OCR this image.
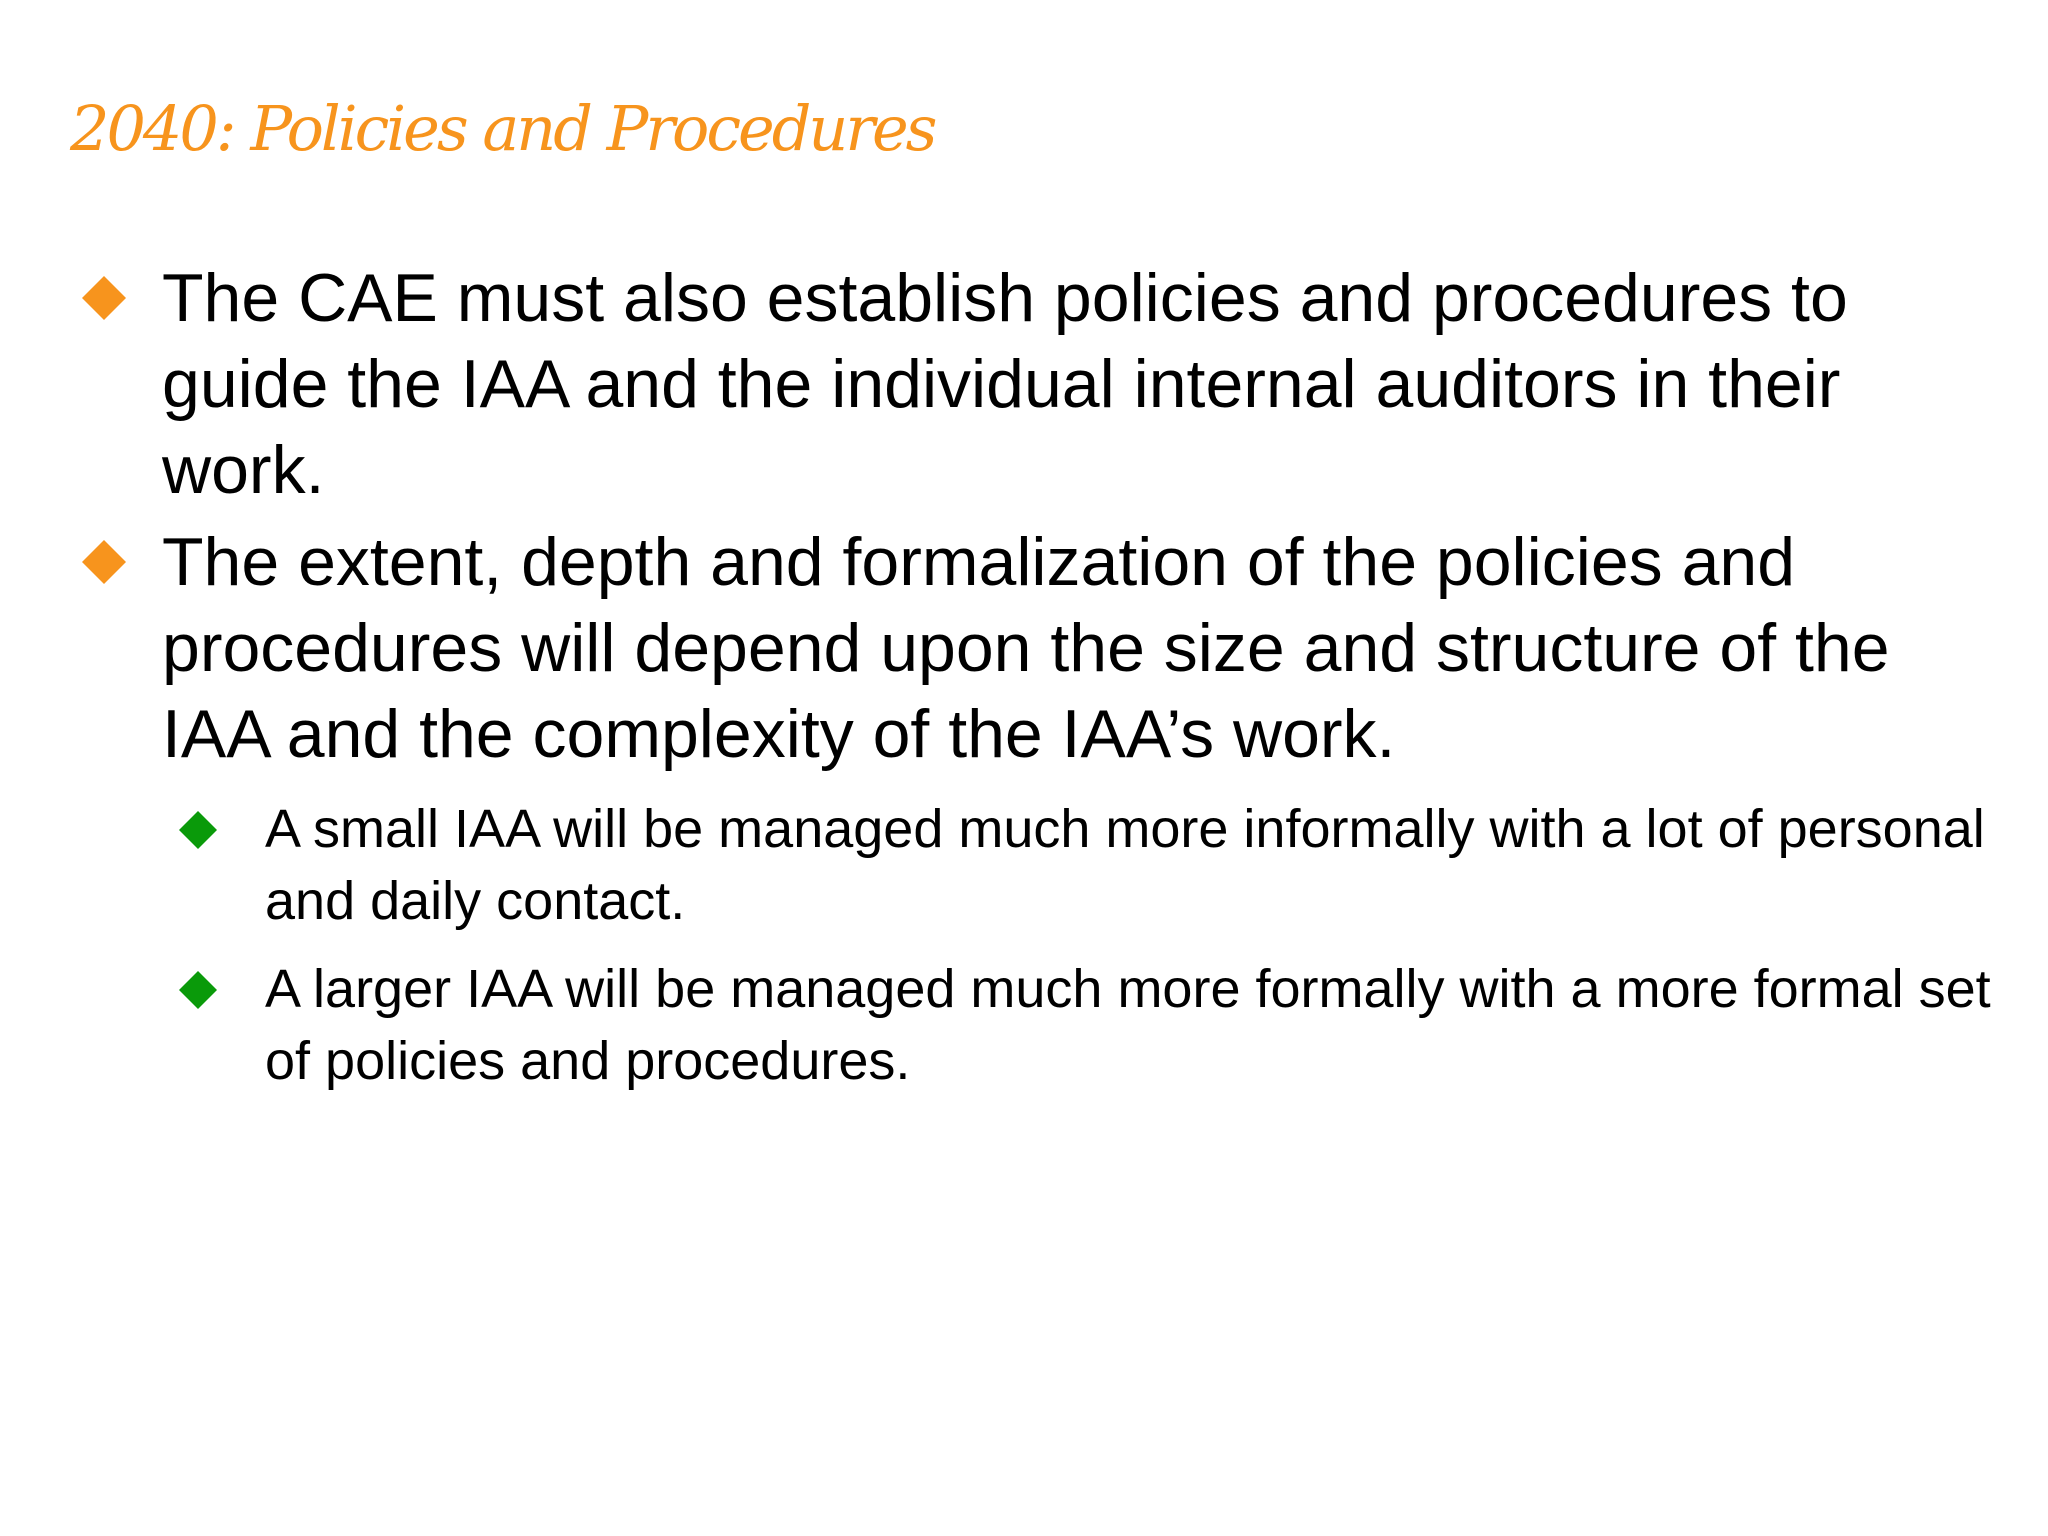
2040: Policies and Procedures
The CAE must also establish policies and procedures to guide the IAA and the individual internal auditors in their work.
The extent, depth and formalization of the policies and procedures will depend upon the size and structure of the IAA and the complexity of the IAA’s work.
A small IAA will be managed much more informally with a lot of personal and daily contact.
A larger IAA will be managed much more formally with a more formal set of policies and procedures.
